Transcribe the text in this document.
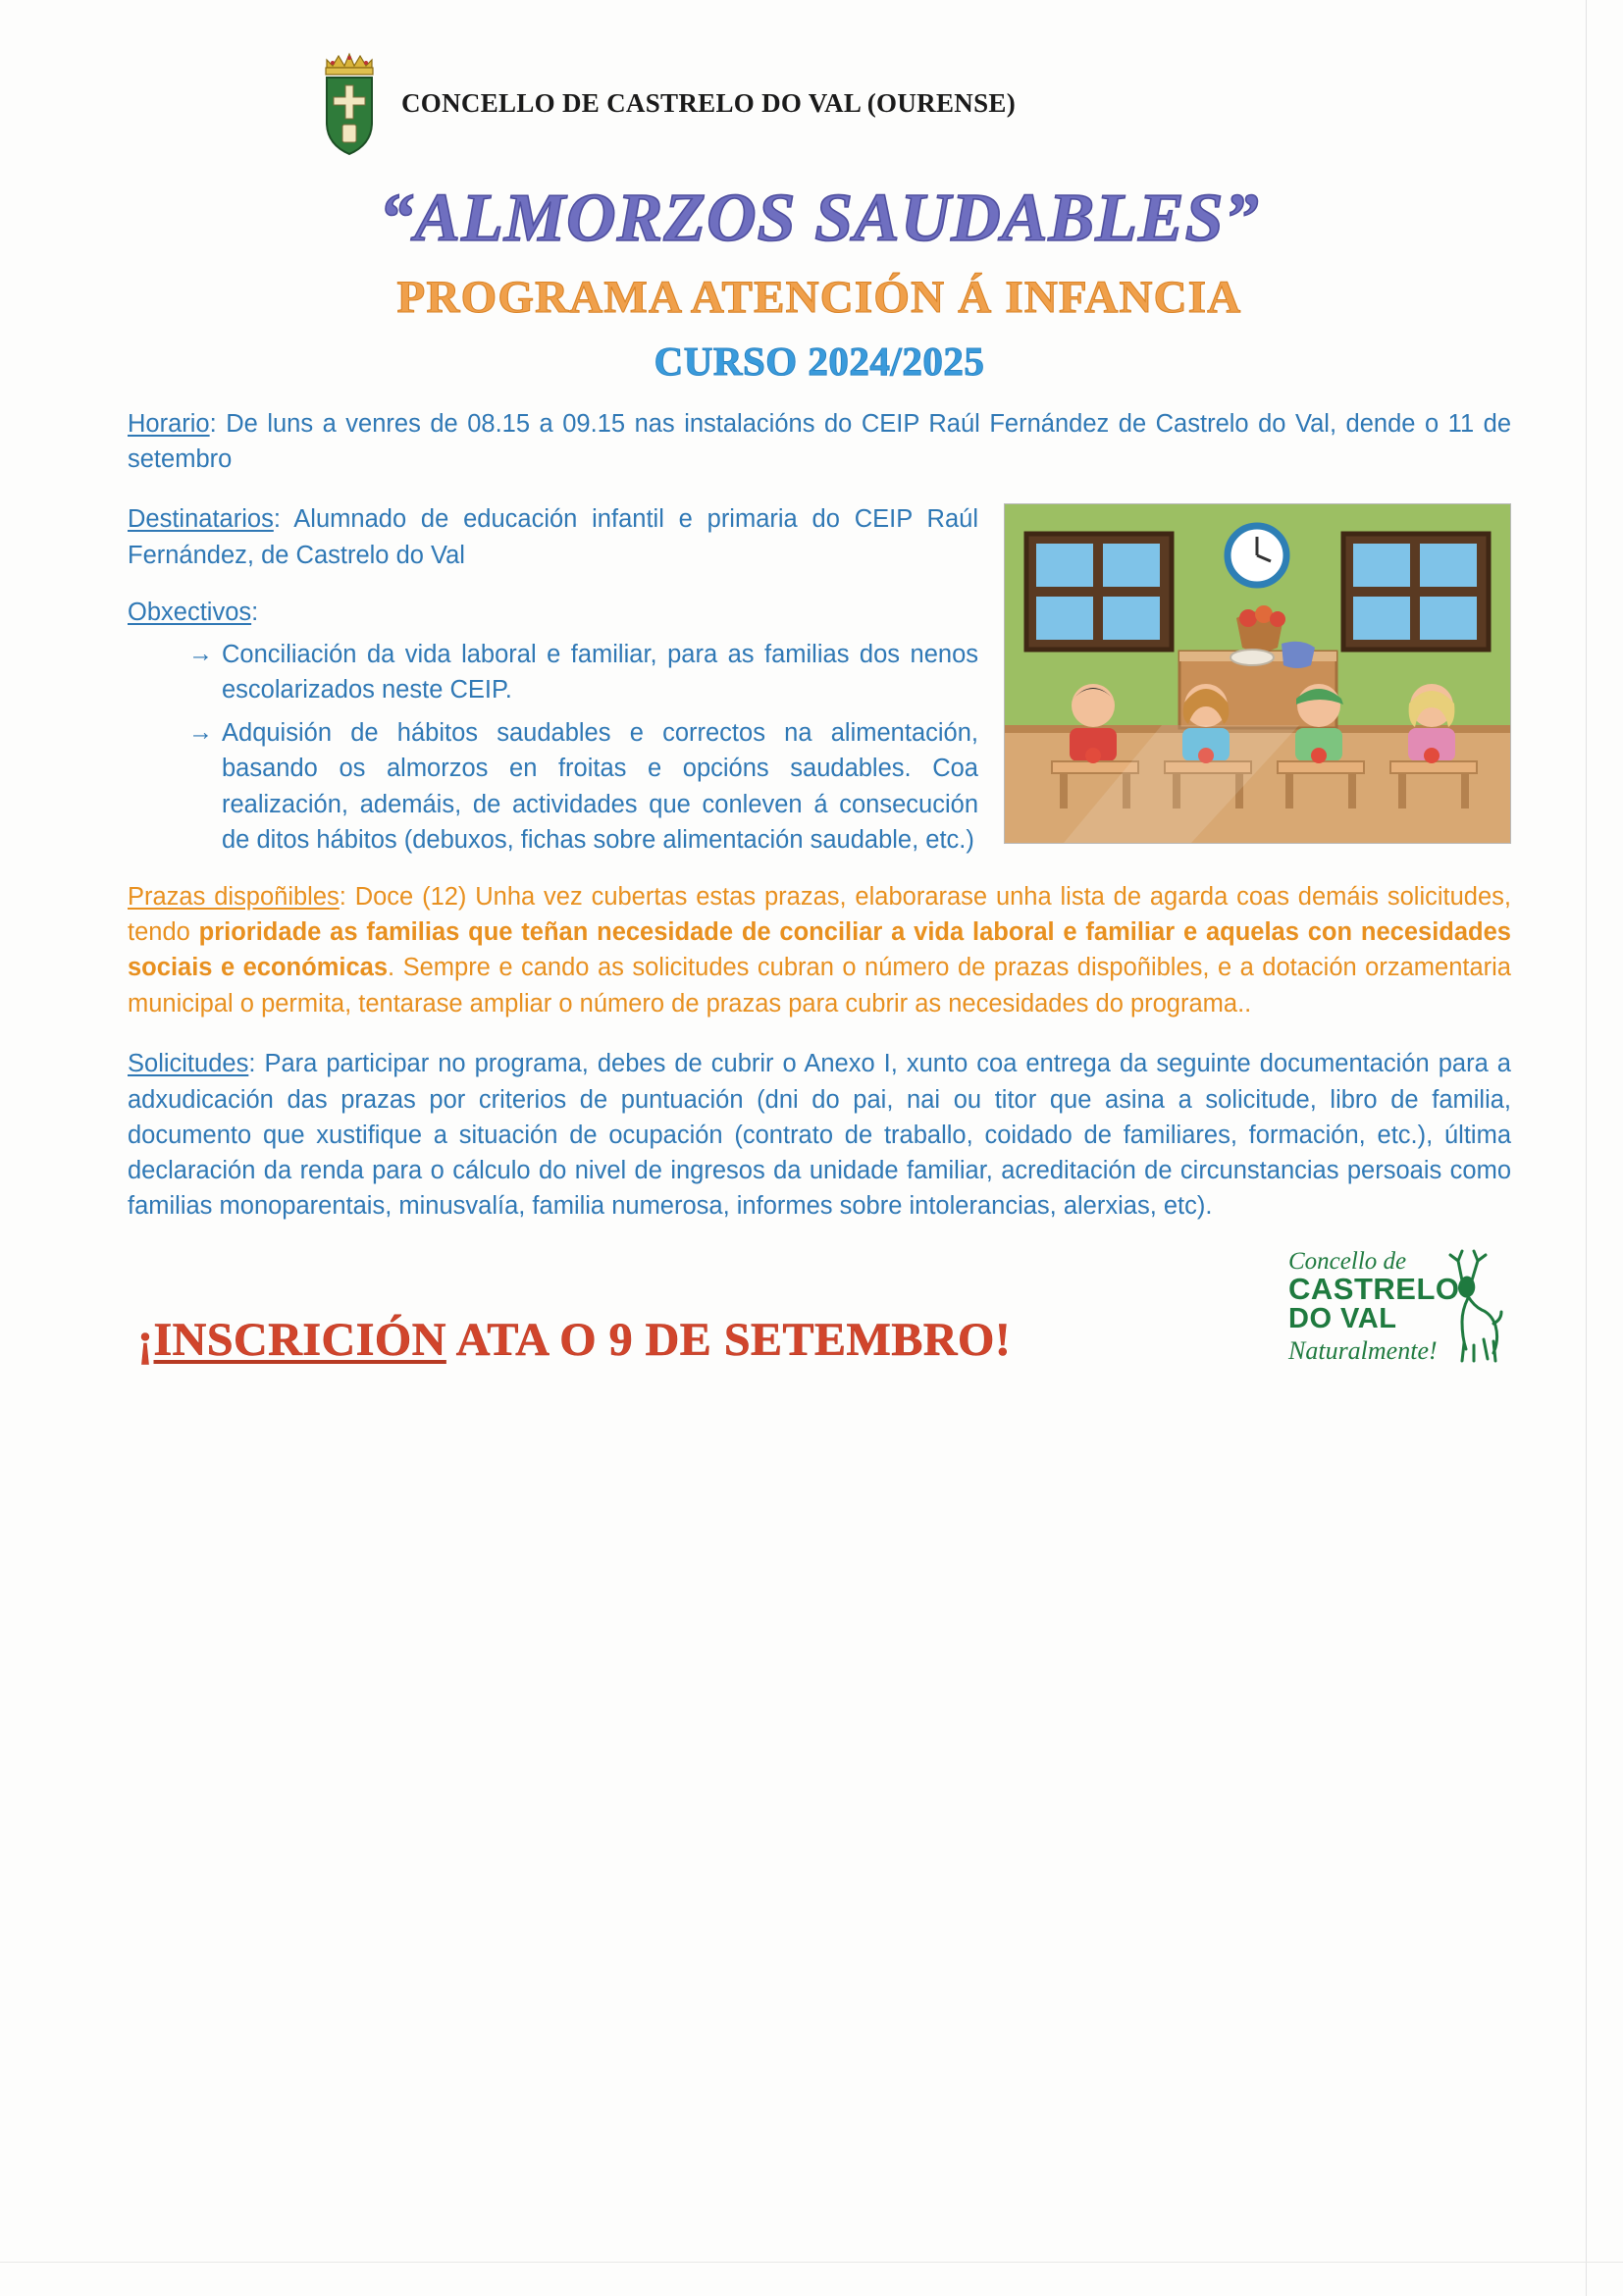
CONCELLO DE CASTRELO DO VAL (OURENSE)
“ALMORZOS SAUDABLES”
PROGRAMA ATENCIÓN Á INFANCIA
CURSO 2024/2025

Horario: De luns a venres de 08.15 a 09.15 nas instalacións do CEIP Raúl Fernández de Castrelo do Val, dende o 11 de setembro

Destinatarios: Alumnado de educación infantil e primaria do CEIP Raúl Fernández, de Castrelo do Val

Obxectivos:
→ Conciliación da vida laboral e familiar, para as familias dos nenos escolarizados neste CEIP.
→ Adquisión de hábitos saudables e correctos na alimentación, basando os almorzos en froitas e opcións saudables. Coa realización, ademáis, de actividades que conleven á consecución de ditos hábitos (debuxos, fichas sobre alimentación saudable, etc.)

Prazas dispoñibles: Doce (12) Unha vez cubertas estas prazas, elaborarase unha lista de agarda coas demáis solicitudes, tendo prioridade as familias que teñan necesidade de conciliar a vida laboral e familiar e aquelas con necesidades sociais e económicas. Sempre e cando as solicitudes cubran o número de prazas dispoñibles, e a dotación orzamentaria municipal o permita, tentarase ampliar o número de prazas para cubrir as necesidades do programa..

Solicitudes: Para participar no programa, debes de cubrir o Anexo I, xunto coa entrega da seguinte documentación para a adxudicación das prazas por criterios de puntuación (dni do pai, nai ou titor que asina a solicitude, libro de familia, documento que xustifique a situación de ocupación (contrato de traballo, coidado de familiares, formación, etc.), última declaración da renda para o cálculo do nivel de ingresos da unidade familiar, acreditación de circunstancias persoais como familias monoparentais, minusvalía, familia numerosa, informes sobre intolerancias, alerxias, etc).

¡INSCRICIÓN ATA O 9 DE SETEMBRO!
Concello de
CASTRELO
DO VAL
Naturalmente!
